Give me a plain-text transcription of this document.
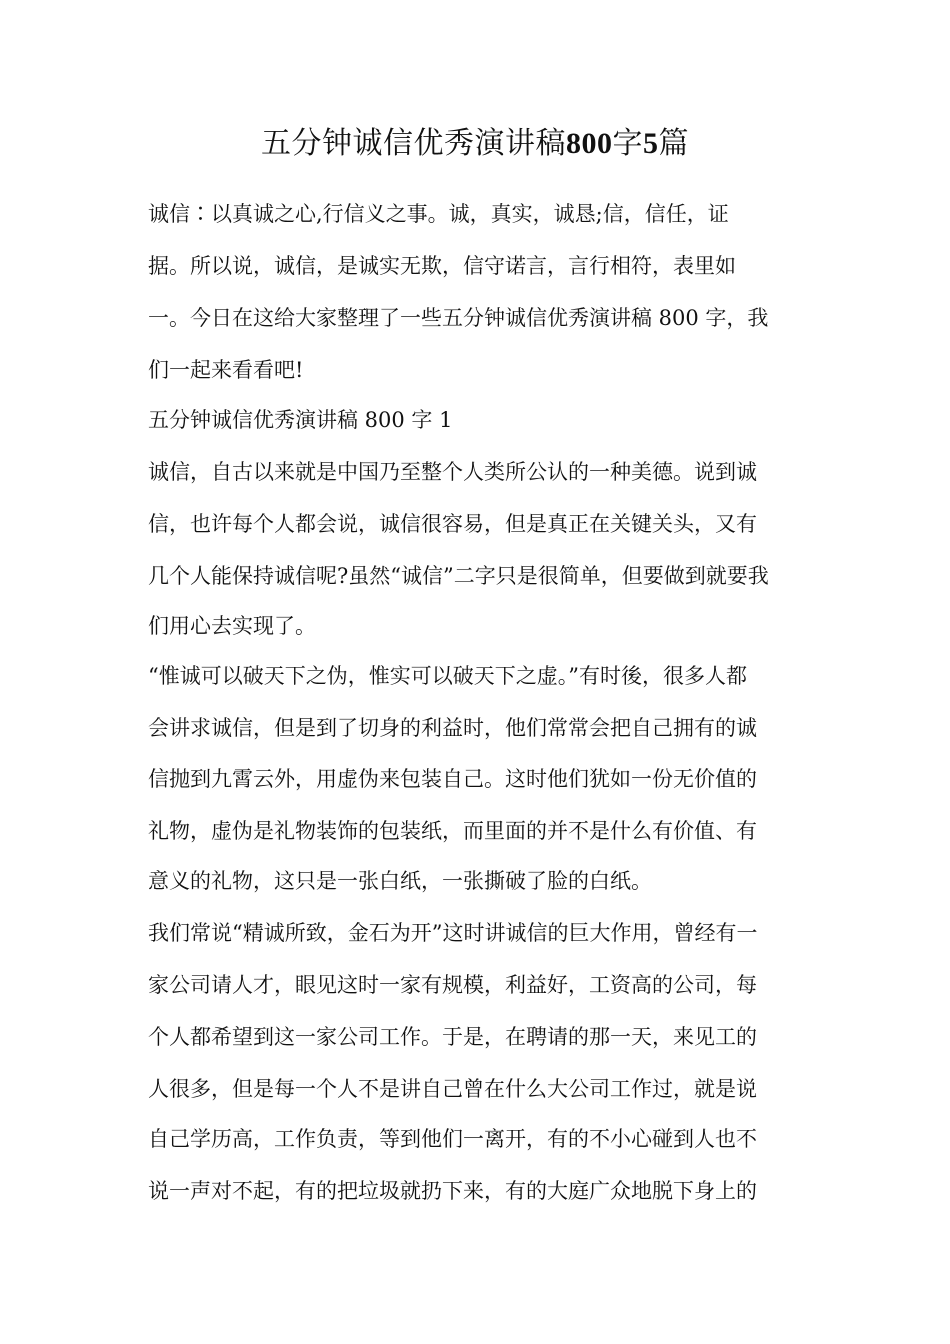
五分钟诚信优秀演讲稿800字5篇

诚信∶以真诚之心,行信义之事。诚，真实，诚恳;信，信任，证

据。所以说，诚信，是诚实无欺，信守诺言，言行相符，表里如

一。今日在这给大家整理了一些五分钟诚信优秀演讲稿 800 字，我

们一起来看看吧!

五分钟诚信优秀演讲稿 800 字 1

诚信，自古以来就是中国乃至整个人类所公认的一种美德。说到诚

信，也许每个人都会说，诚信很容易，但是真正在关键关头，又有

几个人能保持诚信呢?虽然“诚信”二字只是很简单，但要做到就要我

们用心去实现了。

“惟诚可以破天下之伪，惟实可以破天下之虚。”有时後，很多人都

会讲求诚信，但是到了切身的利益时，他们常常会把自己拥有的诚

信抛到九霄云外，用虚伪来包装自己。这时他们犹如一份无价值的

礼物，虚伪是礼物装饰的包装纸，而里面的并不是什么有价值、有

意义的礼物，这只是一张白纸，一张撕破了脸的白纸。

我们常说“精诚所致，金石为开”这时讲诚信的巨大作用，曾经有一

家公司请人才，眼见这时一家有规模，利益好，工资高的公司，每

个人都希望到这一家公司工作。于是，在聘请的那一天，来见工的

人很多，但是每一个人不是讲自己曾在什么大公司工作过，就是说

自己学历高，工作负责，等到他们一离开，有的不小心碰到人也不

说一声对不起，有的把垃圾就扔下来，有的大庭广众地脱下身上的
